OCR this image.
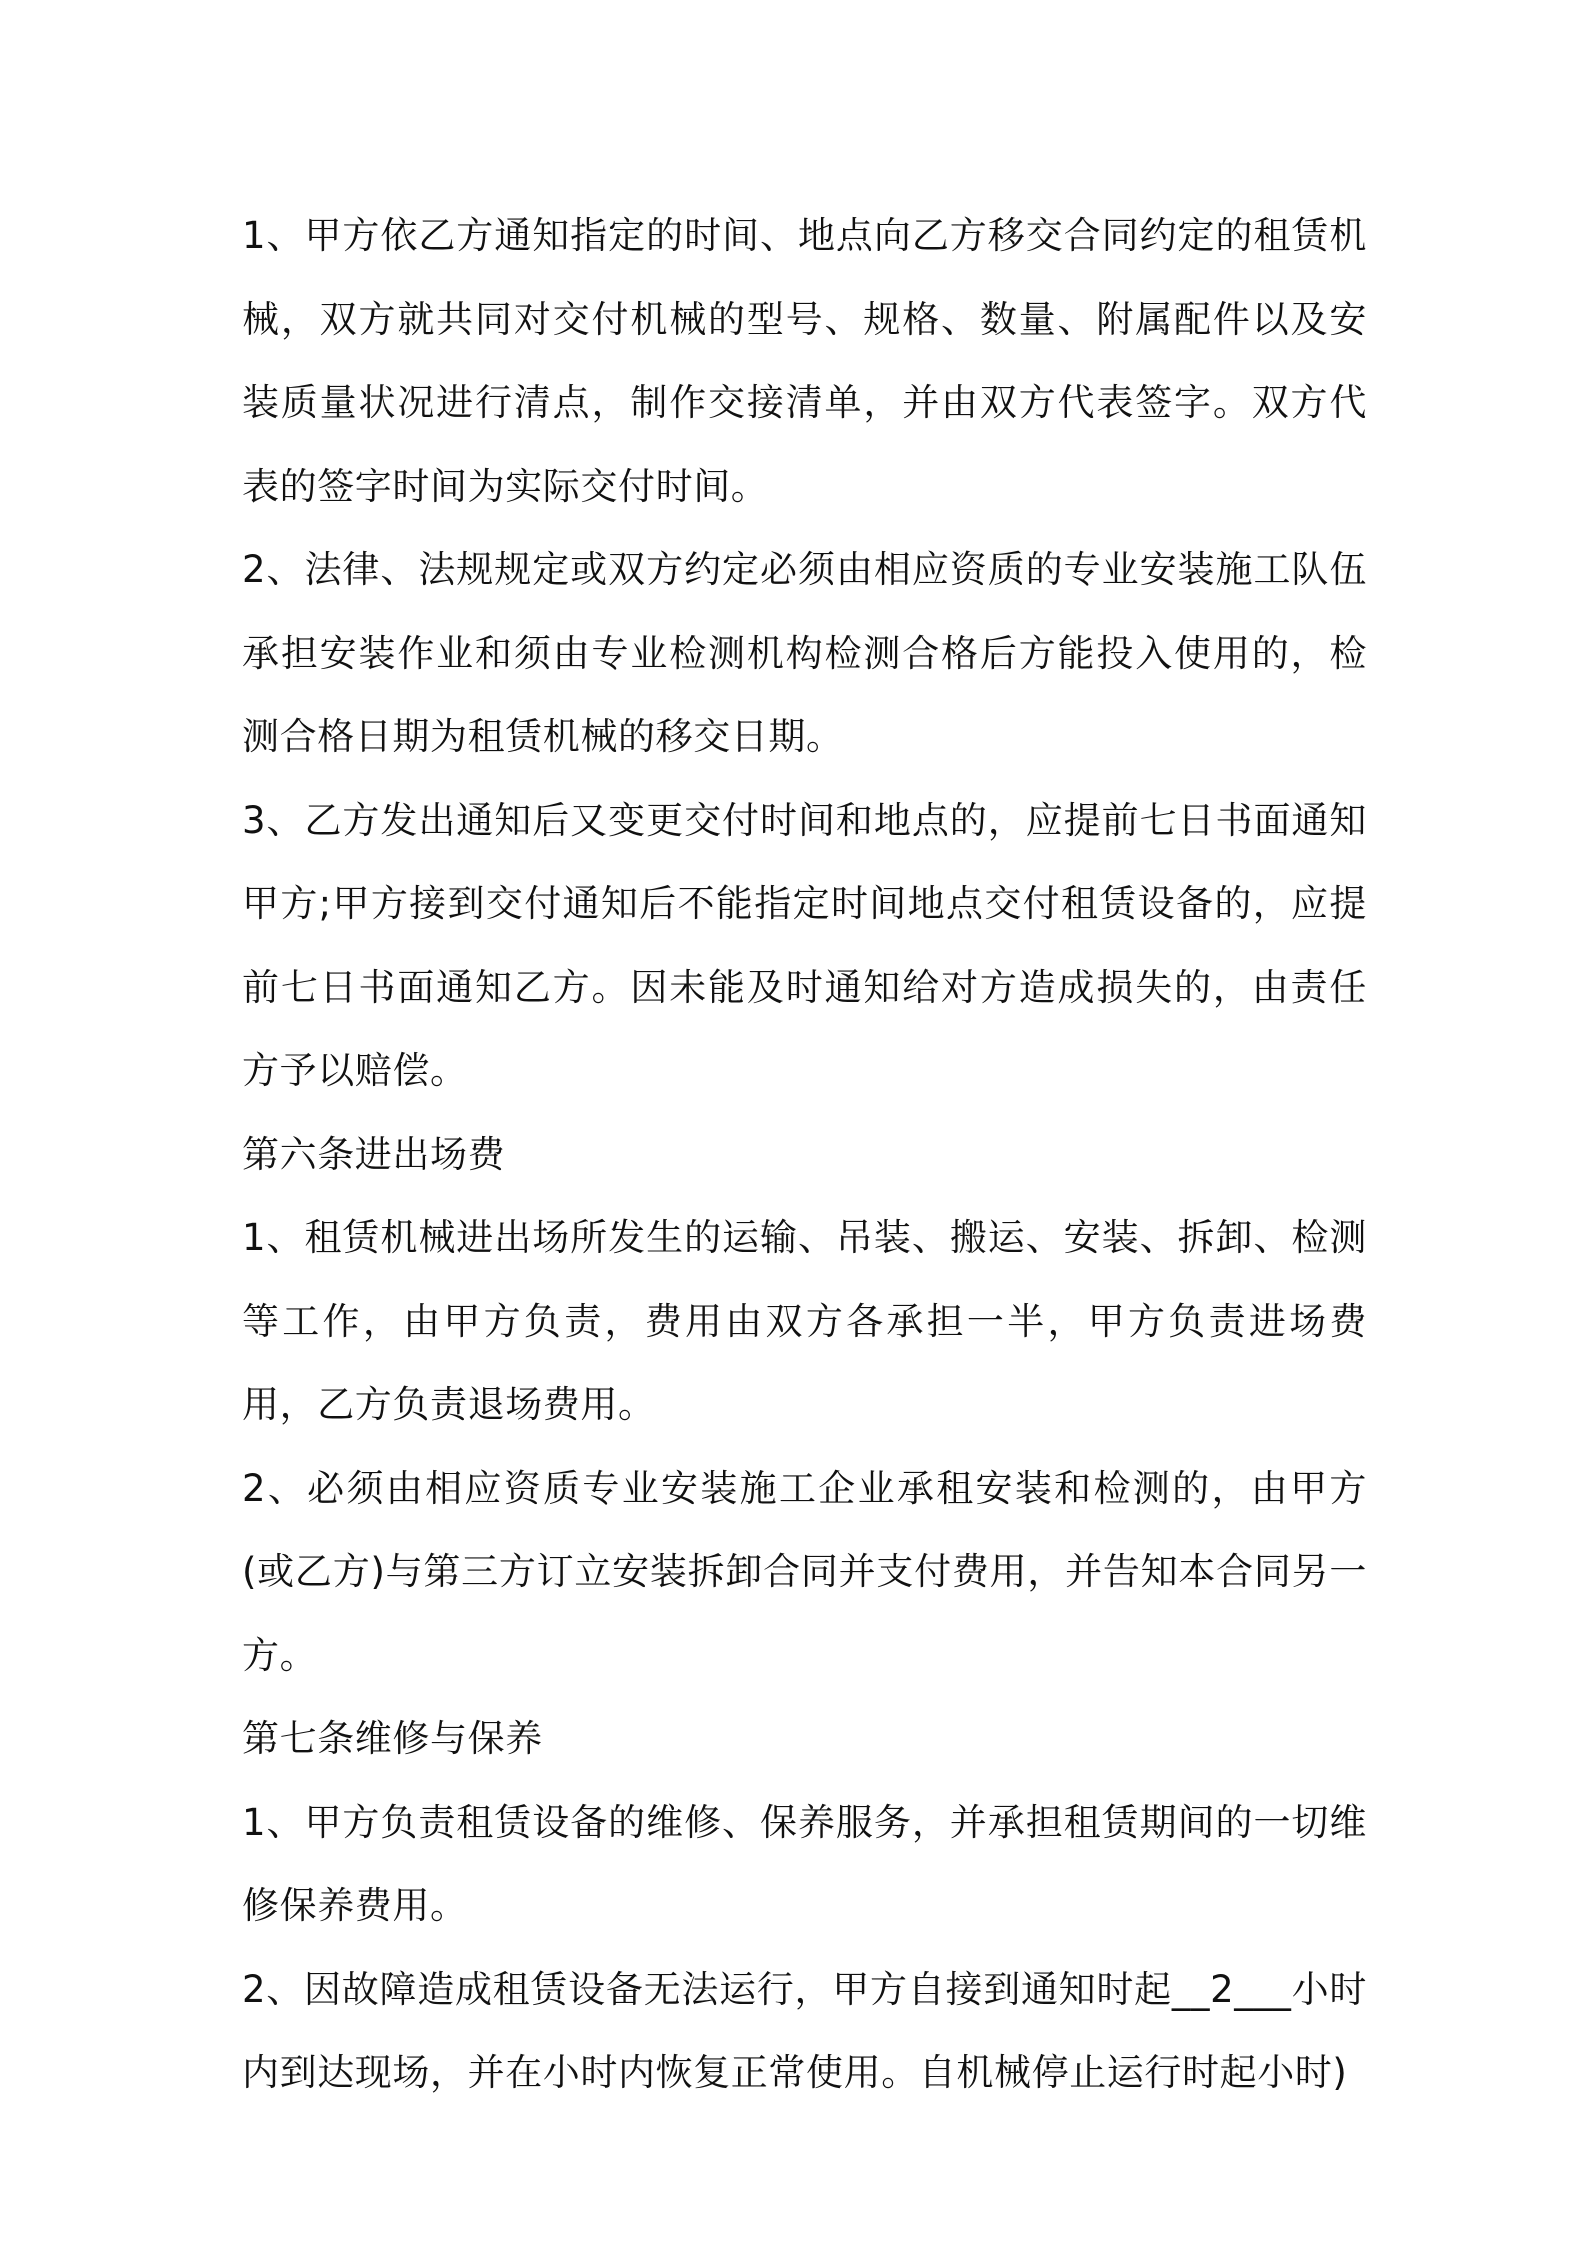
1、甲方依乙方通知指定的时间、地点向乙方移交合同约定的租赁机械，双方就共同对交付机械的型号、规格、数量、附属配件以及安装质量状况进行清点，制作交接清单，并由双方代表签字。双方代表的签字时间为实际交付时间。

2、法律、法规规定或双方约定必须由相应资质的专业安装施工队伍承担安装作业和须由专业检测机构检测合格后方能投入使用的，检测合格日期为租赁机械的移交日期。

3、乙方发出通知后又变更交付时间和地点的，应提前七日书面通知甲方;甲方接到交付通知后不能指定时间地点交付租赁设备的，应提前七日书面通知乙方。因未能及时通知给对方造成损失的，由责任方予以赔偿。

第六条进出场费

1、租赁机械进出场所发生的运输、吊装、搬运、安装、拆卸、检测等工作，由甲方负责，费用由双方各承担一半，甲方负责进场费用，乙方负责退场费用。

2、必须由相应资质专业安装施工企业承租安装和检测的，由甲方(或乙方)与第三方订立安装拆卸合同并支付费用，并告知本合同另一方。

第七条维修与保养

1、甲方负责租赁设备的维修、保养服务，并承担租赁期间的一切维修保养费用。

2、因故障造成租赁设备无法运行，甲方自接到通知时起__2___小时内到达现场，并在小时内恢复正常使用。自机械停止运行时起小时)
